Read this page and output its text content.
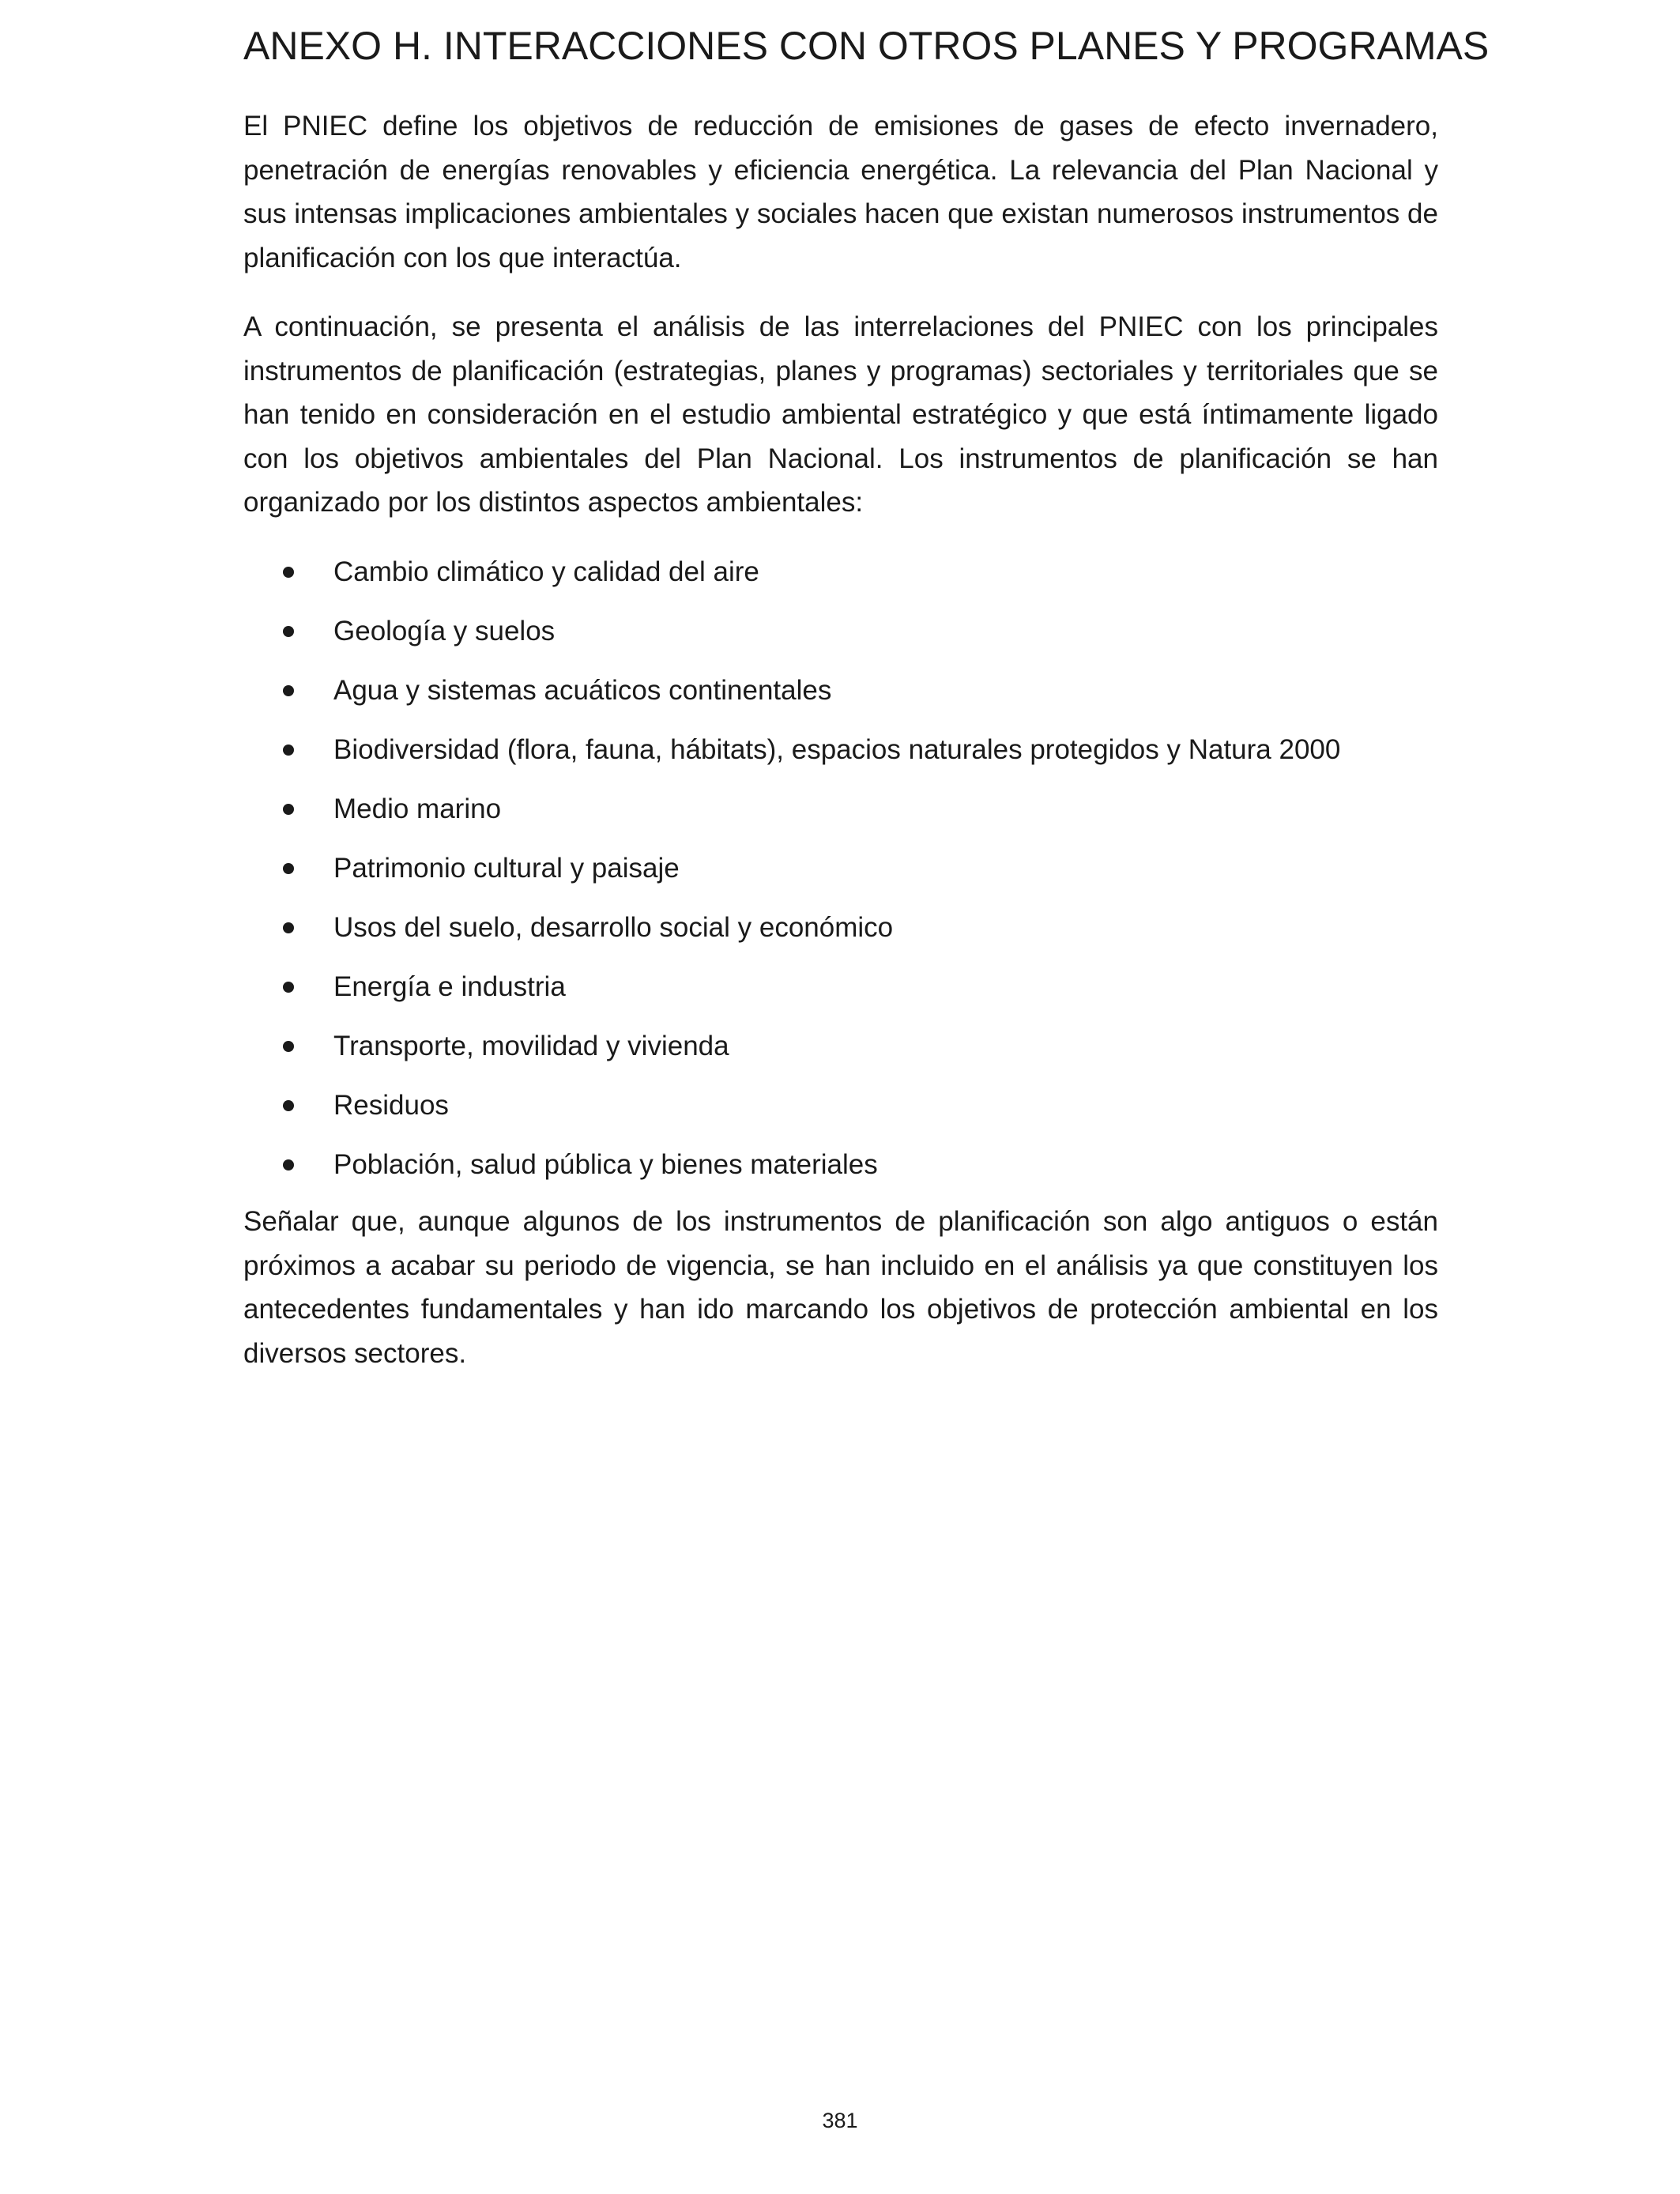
ANEXO H. INTERACCIONES CON OTROS PLANES Y PROGRAMAS

El PNIEC define los objetivos de reducción de emisiones de gases de efecto invernadero, penetración de energías renovables y eficiencia energética. La relevancia del Plan Nacional y sus intensas implicaciones ambientales y sociales hacen que existan numerosos instrumentos de planificación con los que interactúa.

A continuación, se presenta el análisis de las interrelaciones del PNIEC con los principales instrumentos de planificación (estrategias, planes y programas) sectoriales y territoriales que se han tenido en consideración en el estudio ambiental estratégico y que está íntimamente ligado con los objetivos ambientales del Plan Nacional. Los instrumentos de planificación se han organizado por los distintos aspectos ambientales:

Cambio climático y calidad del aire
Geología y suelos
Agua y sistemas acuáticos continentales
Biodiversidad (flora, fauna, hábitats), espacios naturales protegidos y Natura 2000
Medio marino
Patrimonio cultural y paisaje
Usos del suelo, desarrollo social y económico
Energía e industria
Transporte, movilidad y vivienda
Residuos
Población, salud pública y bienes materiales

Señalar que, aunque algunos de los instrumentos de planificación son algo antiguos o están próximos a acabar su periodo de vigencia, se han incluido en el análisis ya que constituyen los antecedentes fundamentales y han ido marcando los objetivos de protección ambiental en los diversos sectores.

381
